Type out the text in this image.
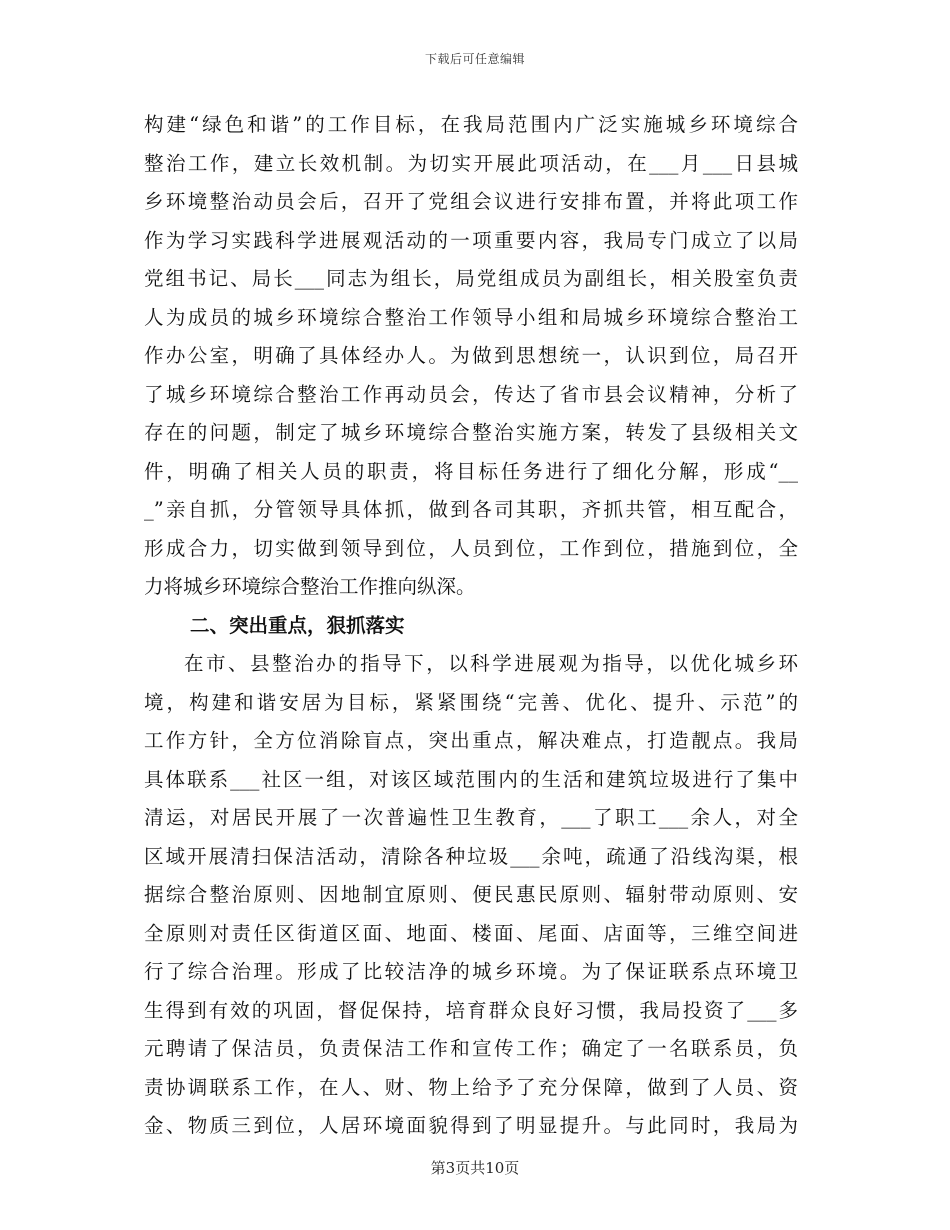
下载后可任意编辑
构建“绿色和谐”的工作目标，在我局范围内广泛实施城乡环境综合
整治工作，建立长效机制。为切实开展此项活动，在___月___日县城
乡环境整治动员会后，召开了党组会议进行安排布置，并将此项工作
作为学习实践科学进展观活动的一项重要内容，我局专门成立了以局
党组书记、局长___同志为组长，局党组成员为副组长，相关股室负责
人为成员的城乡环境综合整治工作领导小组和局城乡环境综合整治工
作办公室，明确了具体经办人。为做到思想统一，认识到位，局召开
了城乡环境综合整治工作再动员会，传达了省市县会议精神，分析了
存在的问题，制定了城乡环境综合整治实施方案，转发了县级相关文
件，明确了相关人员的职责，将目标任务进行了细化分解，形成“__
_”亲自抓，分管领导具体抓，做到各司其职，齐抓共管，相互配合，
形成合力，切实做到领导到位，人员到位，工作到位，措施到位，全
力将城乡环境综合整治工作推向纵深。
二、突出重点，狠抓落实
在市、县整治办的指导下，以科学进展观为指导，以优化城乡环
境，构建和谐安居为目标，紧紧围绕“完善、优化、提升、示范”的
工作方针，全方位消除盲点，突出重点，解决难点，打造靓点。我局
具体联系___社区一组，对该区域范围内的生活和建筑垃圾进行了集中
清运，对居民开展了一次普遍性卫生教育，___了职工___余人，对全
区域开展清扫保洁活动，清除各种垃圾___余吨，疏通了沿线沟渠，根
据综合整治原则、因地制宜原则、便民惠民原则、辐射带动原则、安
全原则对责任区街道区面、地面、楼面、尾面、店面等，三维空间进
行了综合治理。形成了比较洁净的城乡环境。为了保证联系点环境卫
生得到有效的巩固，督促保持，培育群众良好习惯，我局投资了___多
元聘请了保洁员，负责保洁工作和宣传工作；确定了一名联系员，负
责协调联系工作，在人、财、物上给予了充分保障，做到了人员、资
金、物质三到位，人居环境面貌得到了明显提升。与此同时，我局为
第3页共10页
